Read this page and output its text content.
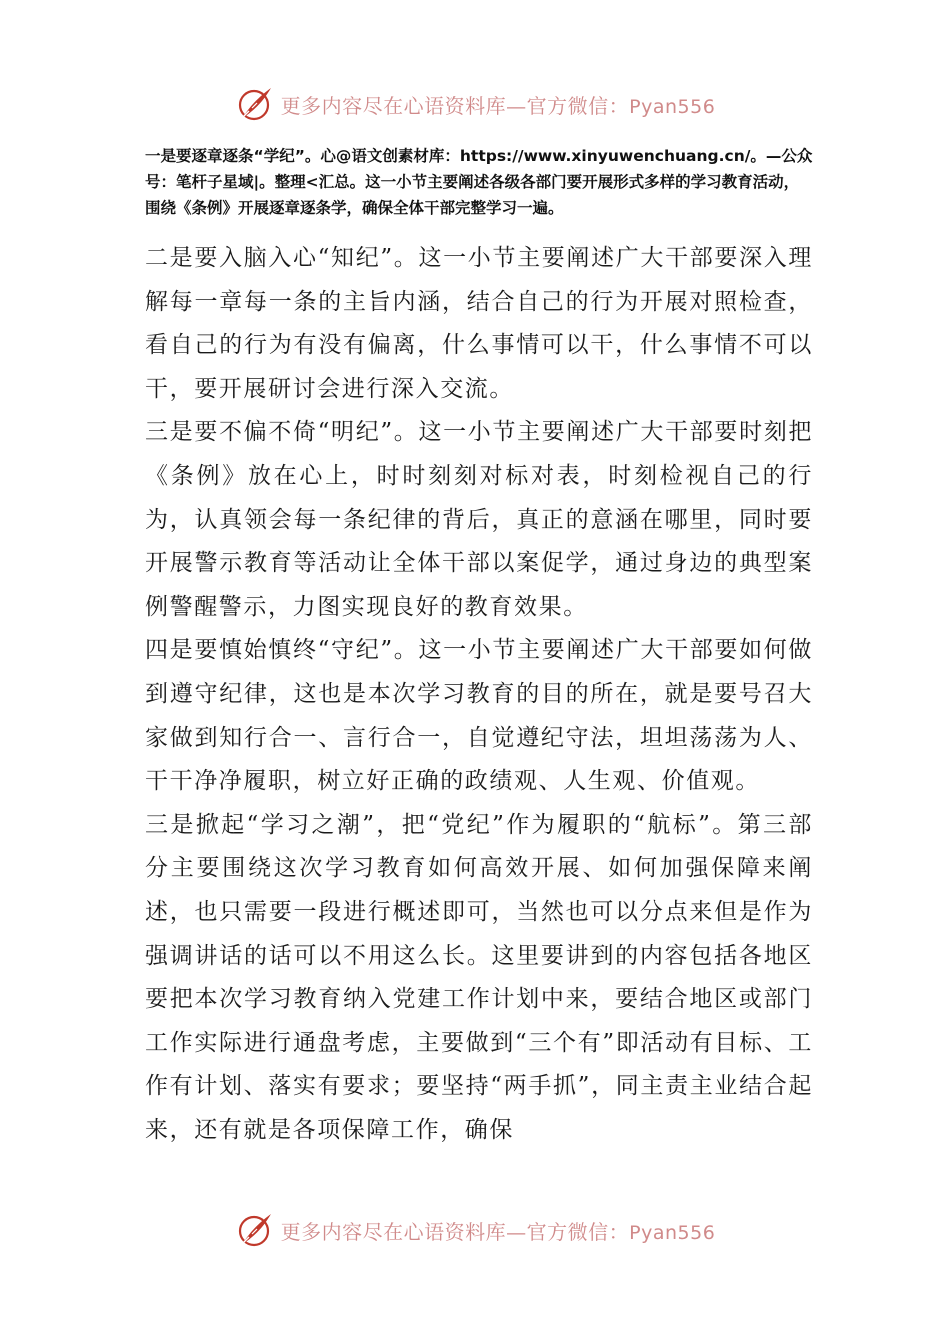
更多内容尽在心语资料库—官方微信：Pyan556

一是要逐章逐条“学纪”。心@语文创素材库：https://www.xinyuwenchuang.cn/。—公众号：笔杆子星域|。整理<汇总。这一小节主要阐述各级各部门要开展形式多样的学习教育活动，围绕《条例》开展逐章逐条学，确保全体干部完整学习一遍。

二是要入脑入心“知纪”。这一小节主要阐述广大干部要深入理解每一章每一条的主旨内涵，结合自己的行为开展对照检查，看自己的行为有没有偏离，什么事情可以干，什么事情不可以干，要开展研讨会进行深入交流。

三是要不偏不倚“明纪”。这一小节主要阐述广大干部要时刻把《条例》放在心上，时时刻刻对标对表，时刻检视自己的行为，认真领会每一条纪律的背后，真正的意涵在哪里，同时要开展警示教育等活动让全体干部以案促学，通过身边的典型案例警醒警示，力图实现良好的教育效果。

四是要慎始慎终“守纪”。这一小节主要阐述广大干部要如何做到遵守纪律，这也是本次学习教育的目的所在，就是要号召大家做到知行合一、言行合一，自觉遵纪守法，坦坦荡荡为人、干干净净履职，树立好正确的政绩观、人生观、价值观。

三是掀起“学习之潮”，把“党纪”作为履职的“航标”。第三部分主要围绕这次学习教育如何高效开展、如何加强保障来阐述，也只需要一段进行概述即可，当然也可以分点来但是作为强调讲话的话可以不用这么长。这里要讲到的内容包括各地区要把本次学习教育纳入党建工作计划中来，要结合地区或部门工作实际进行通盘考虑，主要做到“三个有”即活动有目标、工作有计划、落实有要求；要坚持“两手抓”，同主责主业结合起来，还有就是各项保障工作，确保

更多内容尽在心语资料库—官方微信：Pyan556
